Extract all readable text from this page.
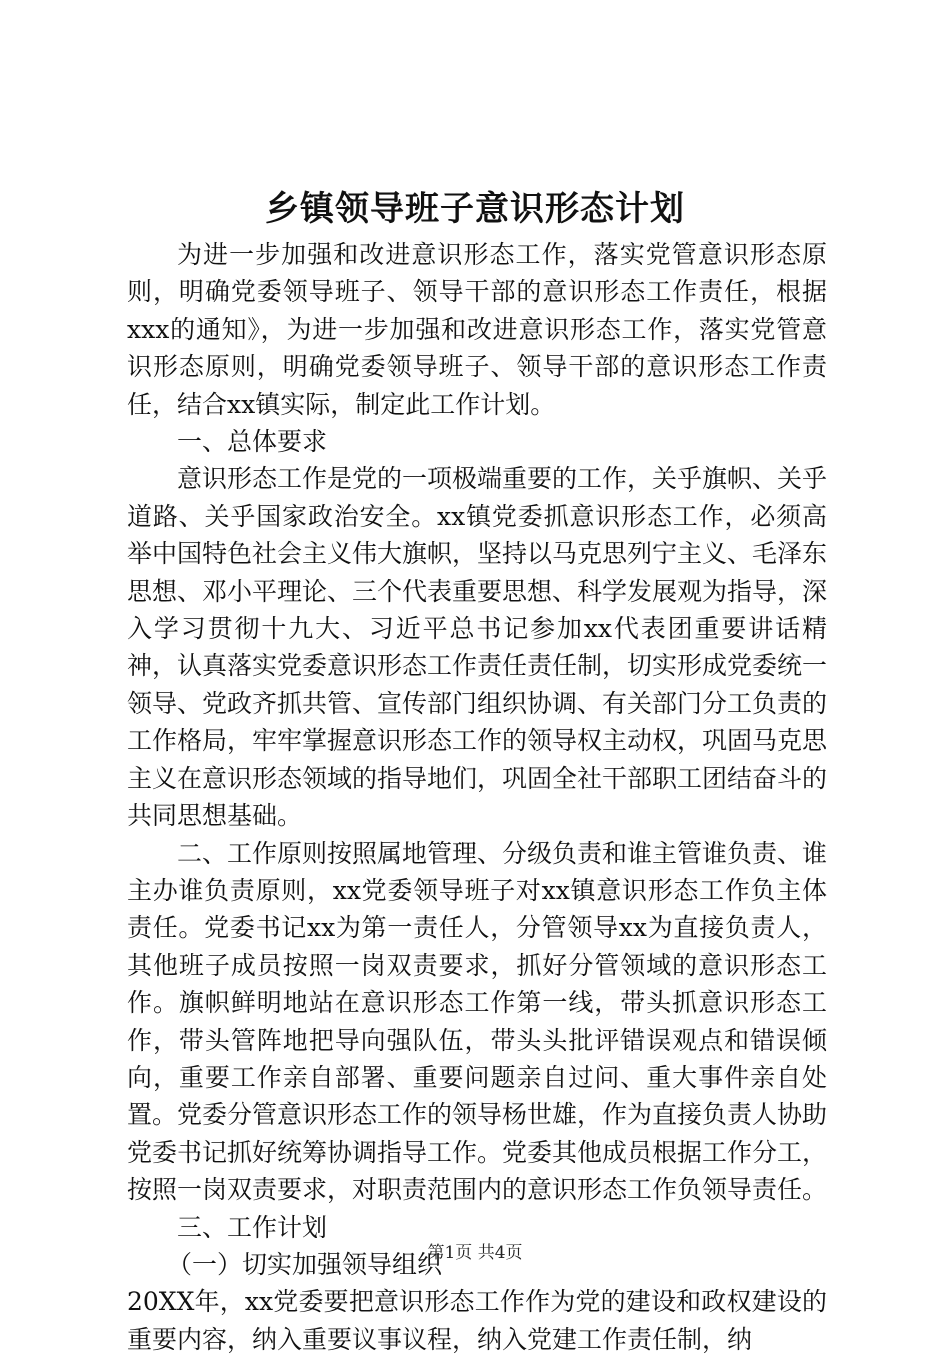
乡镇领导班子意识形态计划

为进一步加强和改进意识形态工作，落实党管意识形态原则，明确党委领导班子、领导干部的意识形态工作责任，根据xxx的通知》，为进一步加强和改进意识形态工作，落实党管意识形态原则，明确党委领导班子、领导干部的意识形态工作责任，结合xx镇实际，制定此工作计划。

一、总体要求

意识形态工作是党的一项极端重要的工作，关乎旗帜、关乎道路、关乎国家政治安全。xx镇党委抓意识形态工作，必须高举中国特色社会主义伟大旗帜，坚持以马克思列宁主义、毛泽东思想、邓小平理论、三个代表重要思想、科学发展观为指导，深入学习贯彻十九大、习近平总书记参加xx代表团重要讲话精神，认真落实党委意识形态工作责任责任制，切实形成党委统一领导、党政齐抓共管、宣传部门组织协调、有关部门分工负责的工作格局，牢牢掌握意识形态工作的领导权主动权，巩固马克思主义在意识形态领域的指导地们，巩固全社干部职工团结奋斗的共同思想基础。

二、工作原则按照属地管理、分级负责和谁主管谁负责、谁主办谁负责原则，xx党委领导班子对xx镇意识形态工作负主体责任。党委书记xx为第一责任人，分管领导xx为直接负责人，其他班子成员按照一岗双责要求，抓好分管领域的意识形态工作。旗帜鲜明地站在意识形态工作第一线，带头抓意识形态工作，带头管阵地把导向强队伍，带头头批评错误观点和错误倾向，重要工作亲自部署、重要问题亲自过问、重大事件亲自处置。党委分管意识形态工作的领导杨世雄，作为直接负责人协助党委书记抓好统筹协调指导工作。党委其他成员根据工作分工，按照一岗双责要求，对职责范围内的意识形态工作负领导责任。

三、工作计划

（一）切实加强领导组织

20XX年，xx党委要把意识形态工作作为党的建设和政权建设的重要内容，纳入重要议事议程，纳入党建工作责任制，纳

第1页 共4页
